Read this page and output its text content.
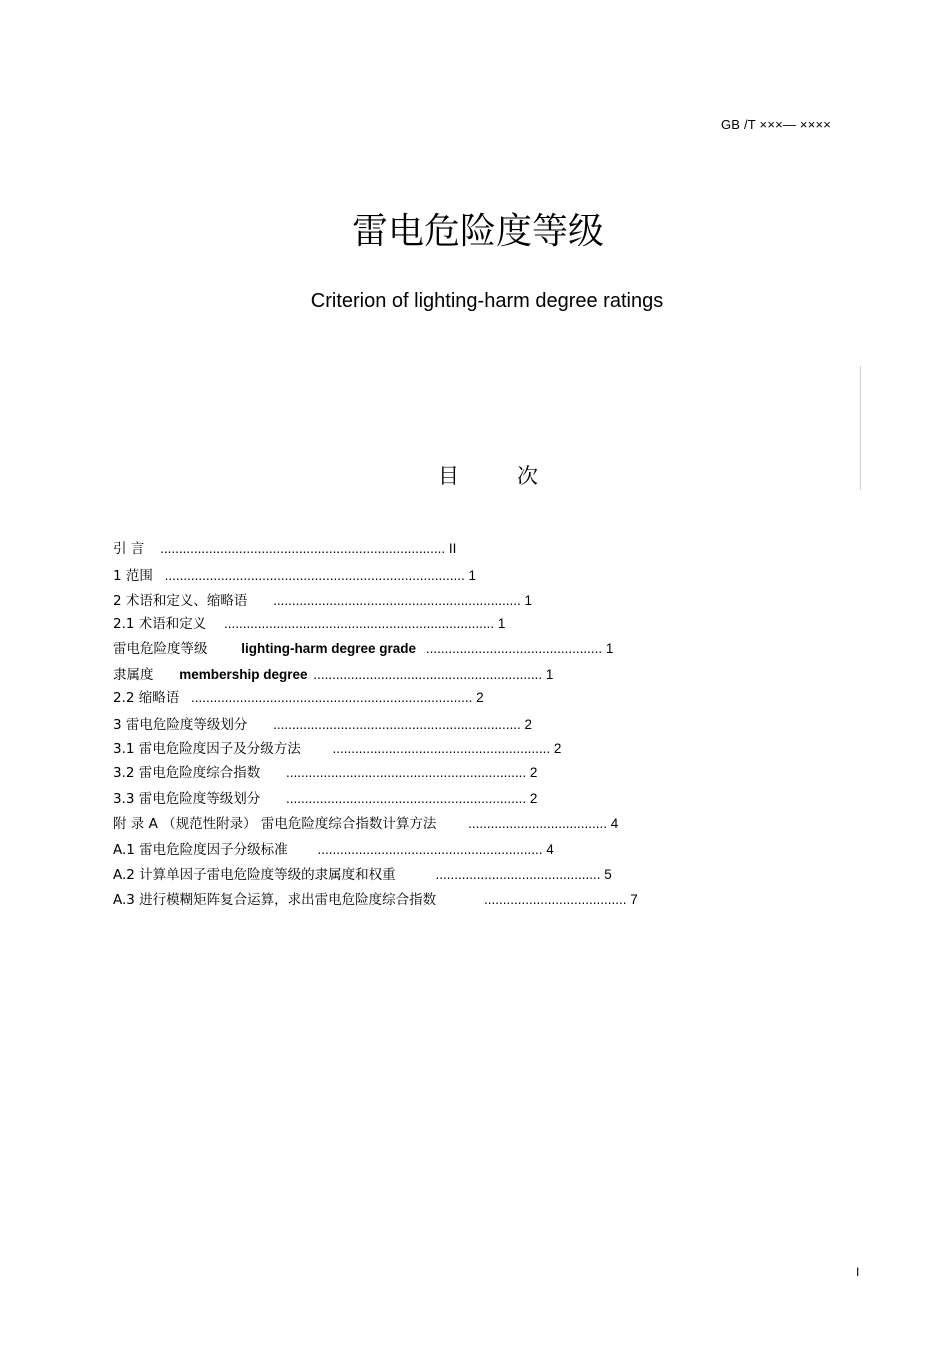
GB /T ×××— ××××
雷电危险度等级
Criterion of lighting-harm degree ratings
目	次
引 言 ............................................................................ II
1 范围 ................................................................................ 1
2 术语和定义、缩略语 .................................................................. 1
2.1 术语和定义 ........................................................................ 1
雷电危险度等级	lighting-harm degree grade ............................................... 1
隶属度 membership degree ............................................................. 1
2.2 缩略语 ........................................................................... 2
3 雷电危险度等级划分 .................................................................. 2
3.1 雷电危险度因子及分级方法 .......................................................... 2
3.2 雷电危险度综合指数 ................................................................ 2
3.3 雷电危险度等级划分 ................................................................ 2
附 录 A （规范性附录） 雷电危险度综合指数计算方法 ..................................... 4
A.1 雷电危险度因子分级标准 ............................................................ 4
A.2 计算单因子雷电危险度等级的隶属度和权重	............................................ 5
A.3 进行模糊矩阵复合运算，求出雷电危险度综合指数	...................................... 7
I
